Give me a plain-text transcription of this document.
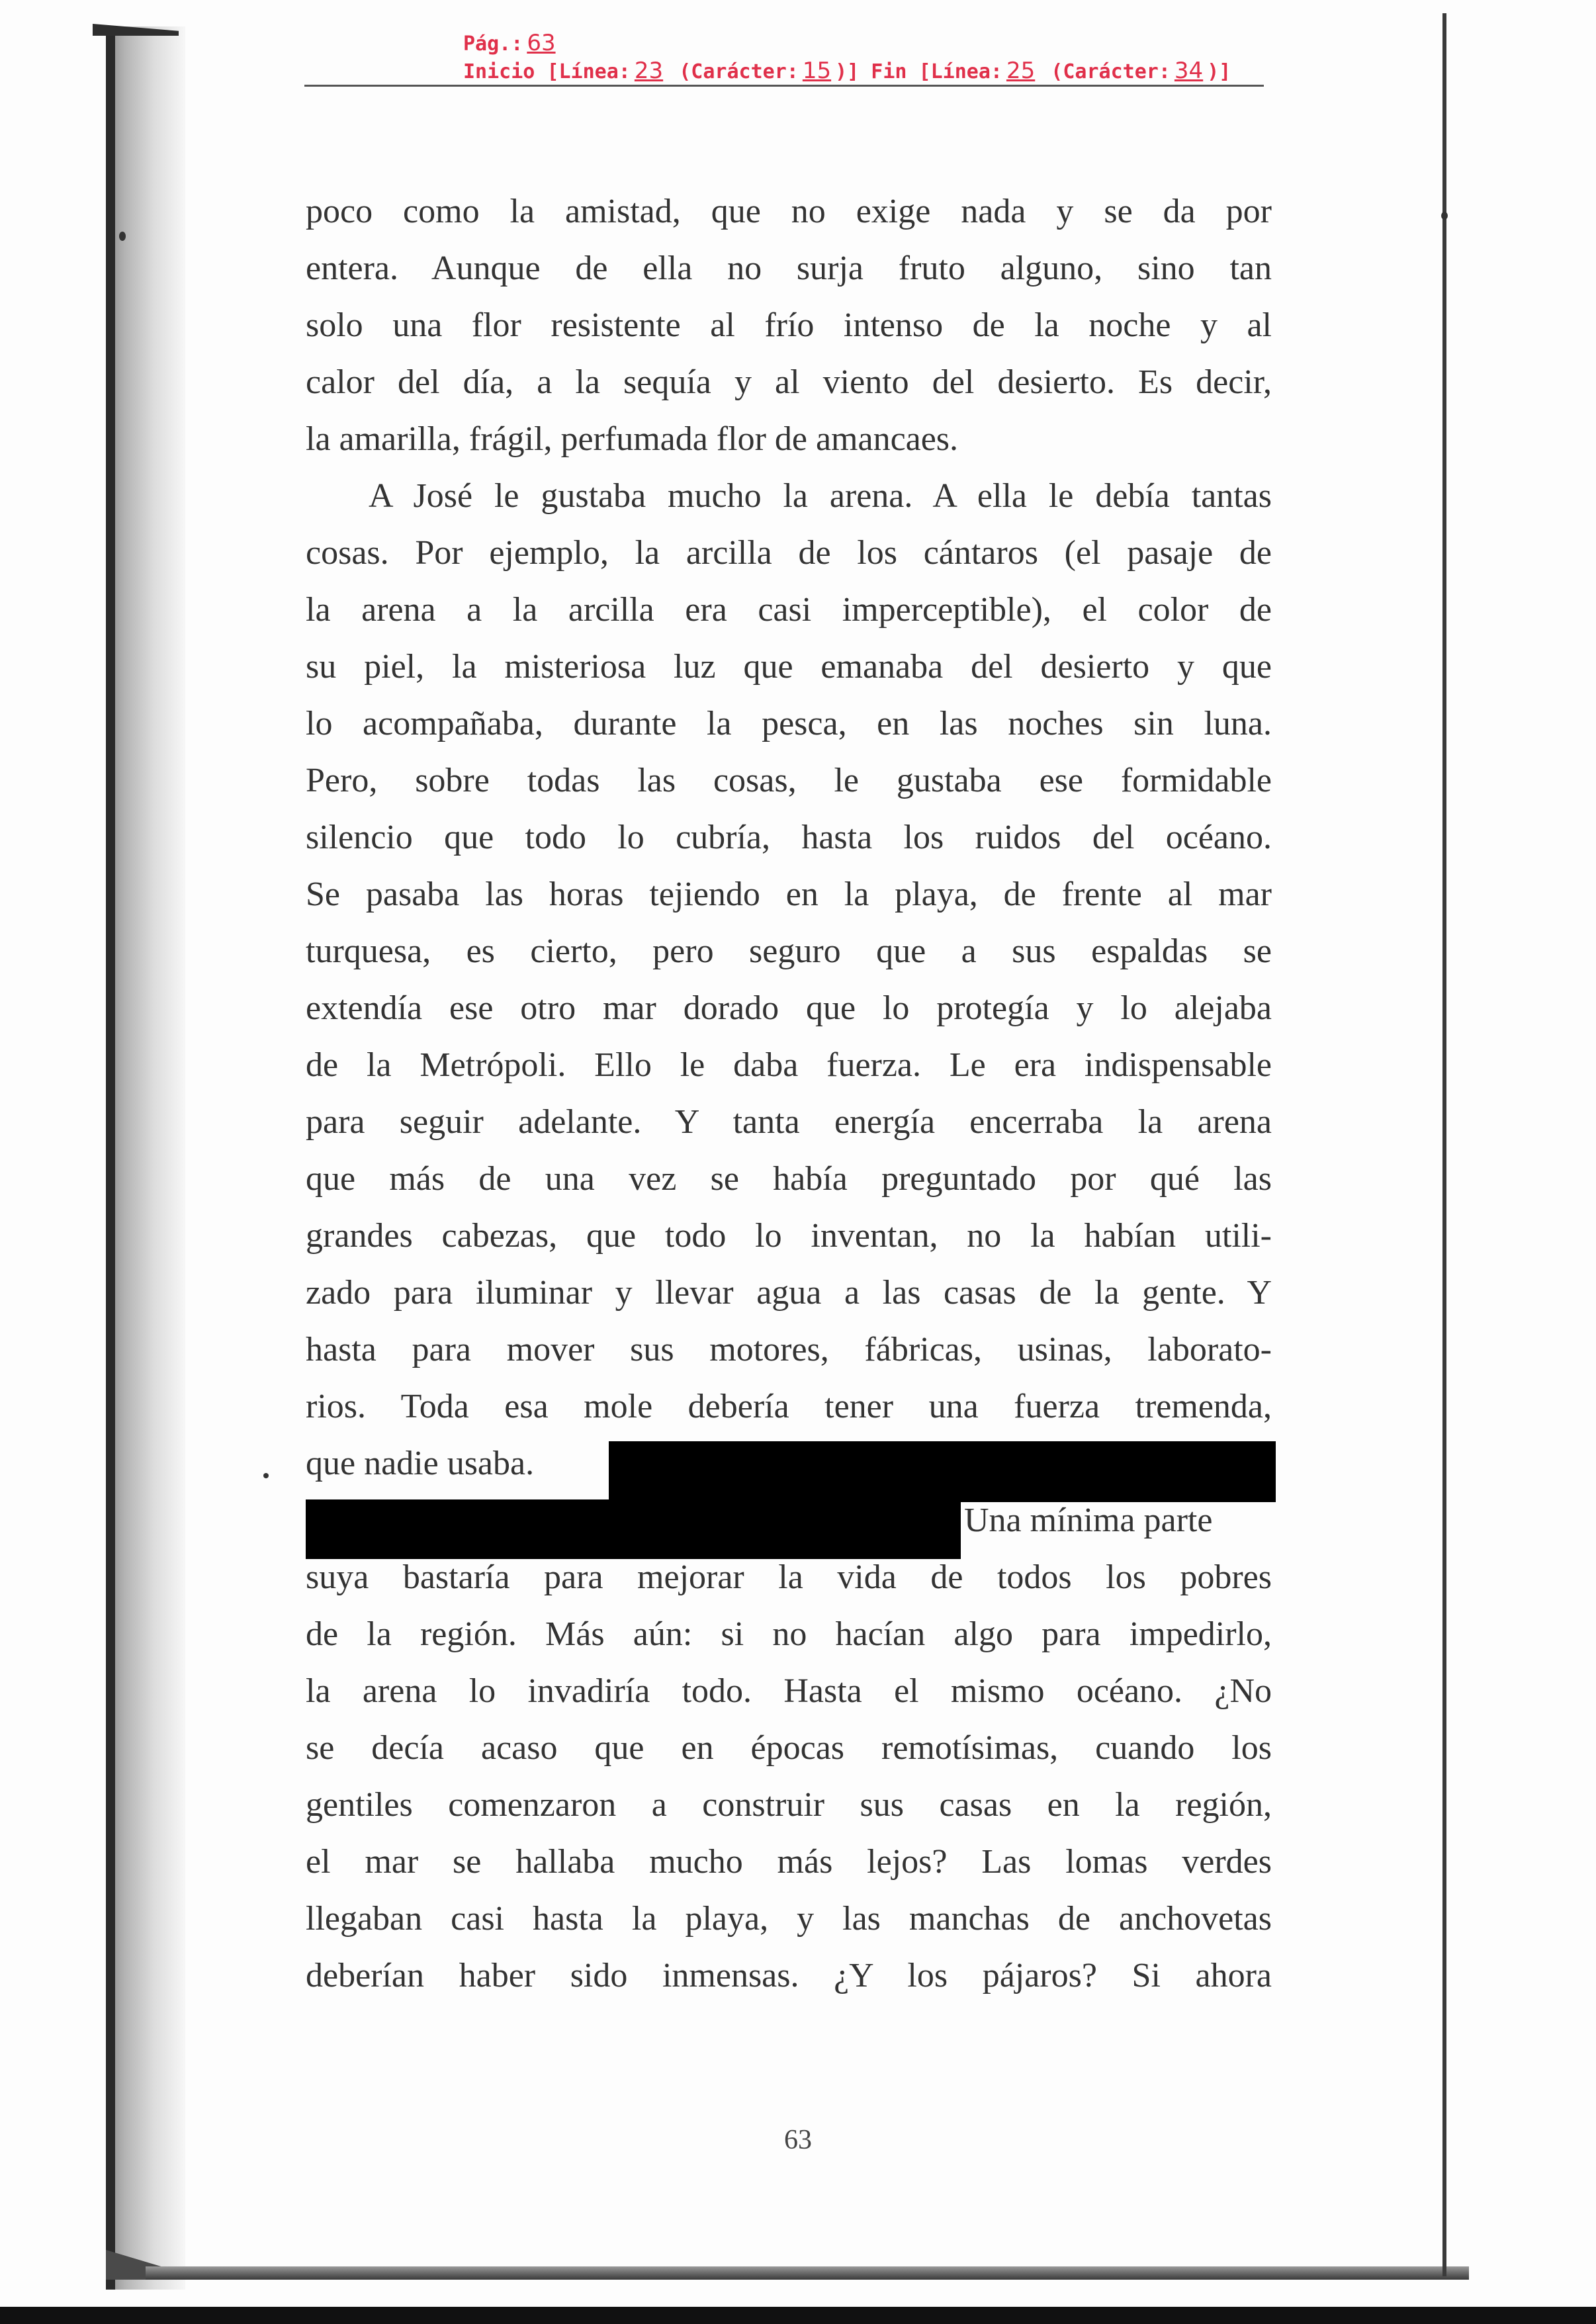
Pág.: 63
Inicio [Línea: 23 (Carácter: 15 )] Fin [Línea: 25 (Carácter: 34 )]
poco como la amistad, que no exige nada y se da por
entera. Aunque de ella no surja fruto alguno, sino tan
solo una flor resistente al frío intenso de la noche y al
calor del día, a la sequía y al viento del desierto. Es decir,
la amarilla, frágil, perfumada flor de amancaes.
A José le gustaba mucho la arena. A ella le debía tantas
cosas. Por ejemplo, la arcilla de los cántaros (el pasaje de
la arena a la arcilla era casi imperceptible), el color de
su piel, la misteriosa luz que emanaba del desierto y que
lo acompañaba, durante la pesca, en las noches sin luna.
Pero, sobre todas las cosas, le gustaba ese formidable
silencio que todo lo cubría, hasta los ruidos del océano.
Se pasaba las horas tejiendo en la playa, de frente al mar
turquesa, es cierto, pero seguro que a sus espaldas se
extendía ese otro mar dorado que lo protegía y lo alejaba
de la Metrópoli. Ello le daba fuerza. Le era indispensable
para seguir adelante. Y tanta energía encerraba la arena
que más de una vez se había preguntado por qué las
grandes cabezas, que todo lo inventan, no la habían utili-
zado para iluminar y llevar agua a las casas de la gente. Y
hasta para mover sus motores, fábricas, usinas, laborato-
rios. Toda esa mole debería tener una fuerza tremenda,
que nadie usaba.
Una mínima parte
suya bastaría para mejorar la vida de todos los pobres
de la región. Más aún: si no hacían algo para impedirlo,
la arena lo invadiría todo. Hasta el mismo océano. ¿No
se decía acaso que en épocas remotísimas, cuando los
gentiles comenzaron a construir sus casas en la región,
el mar se hallaba mucho más lejos? Las lomas verdes
llegaban casi hasta la playa, y las manchas de anchovetas
deberían haber sido inmensas. ¿Y los pájaros? Si ahora
63
